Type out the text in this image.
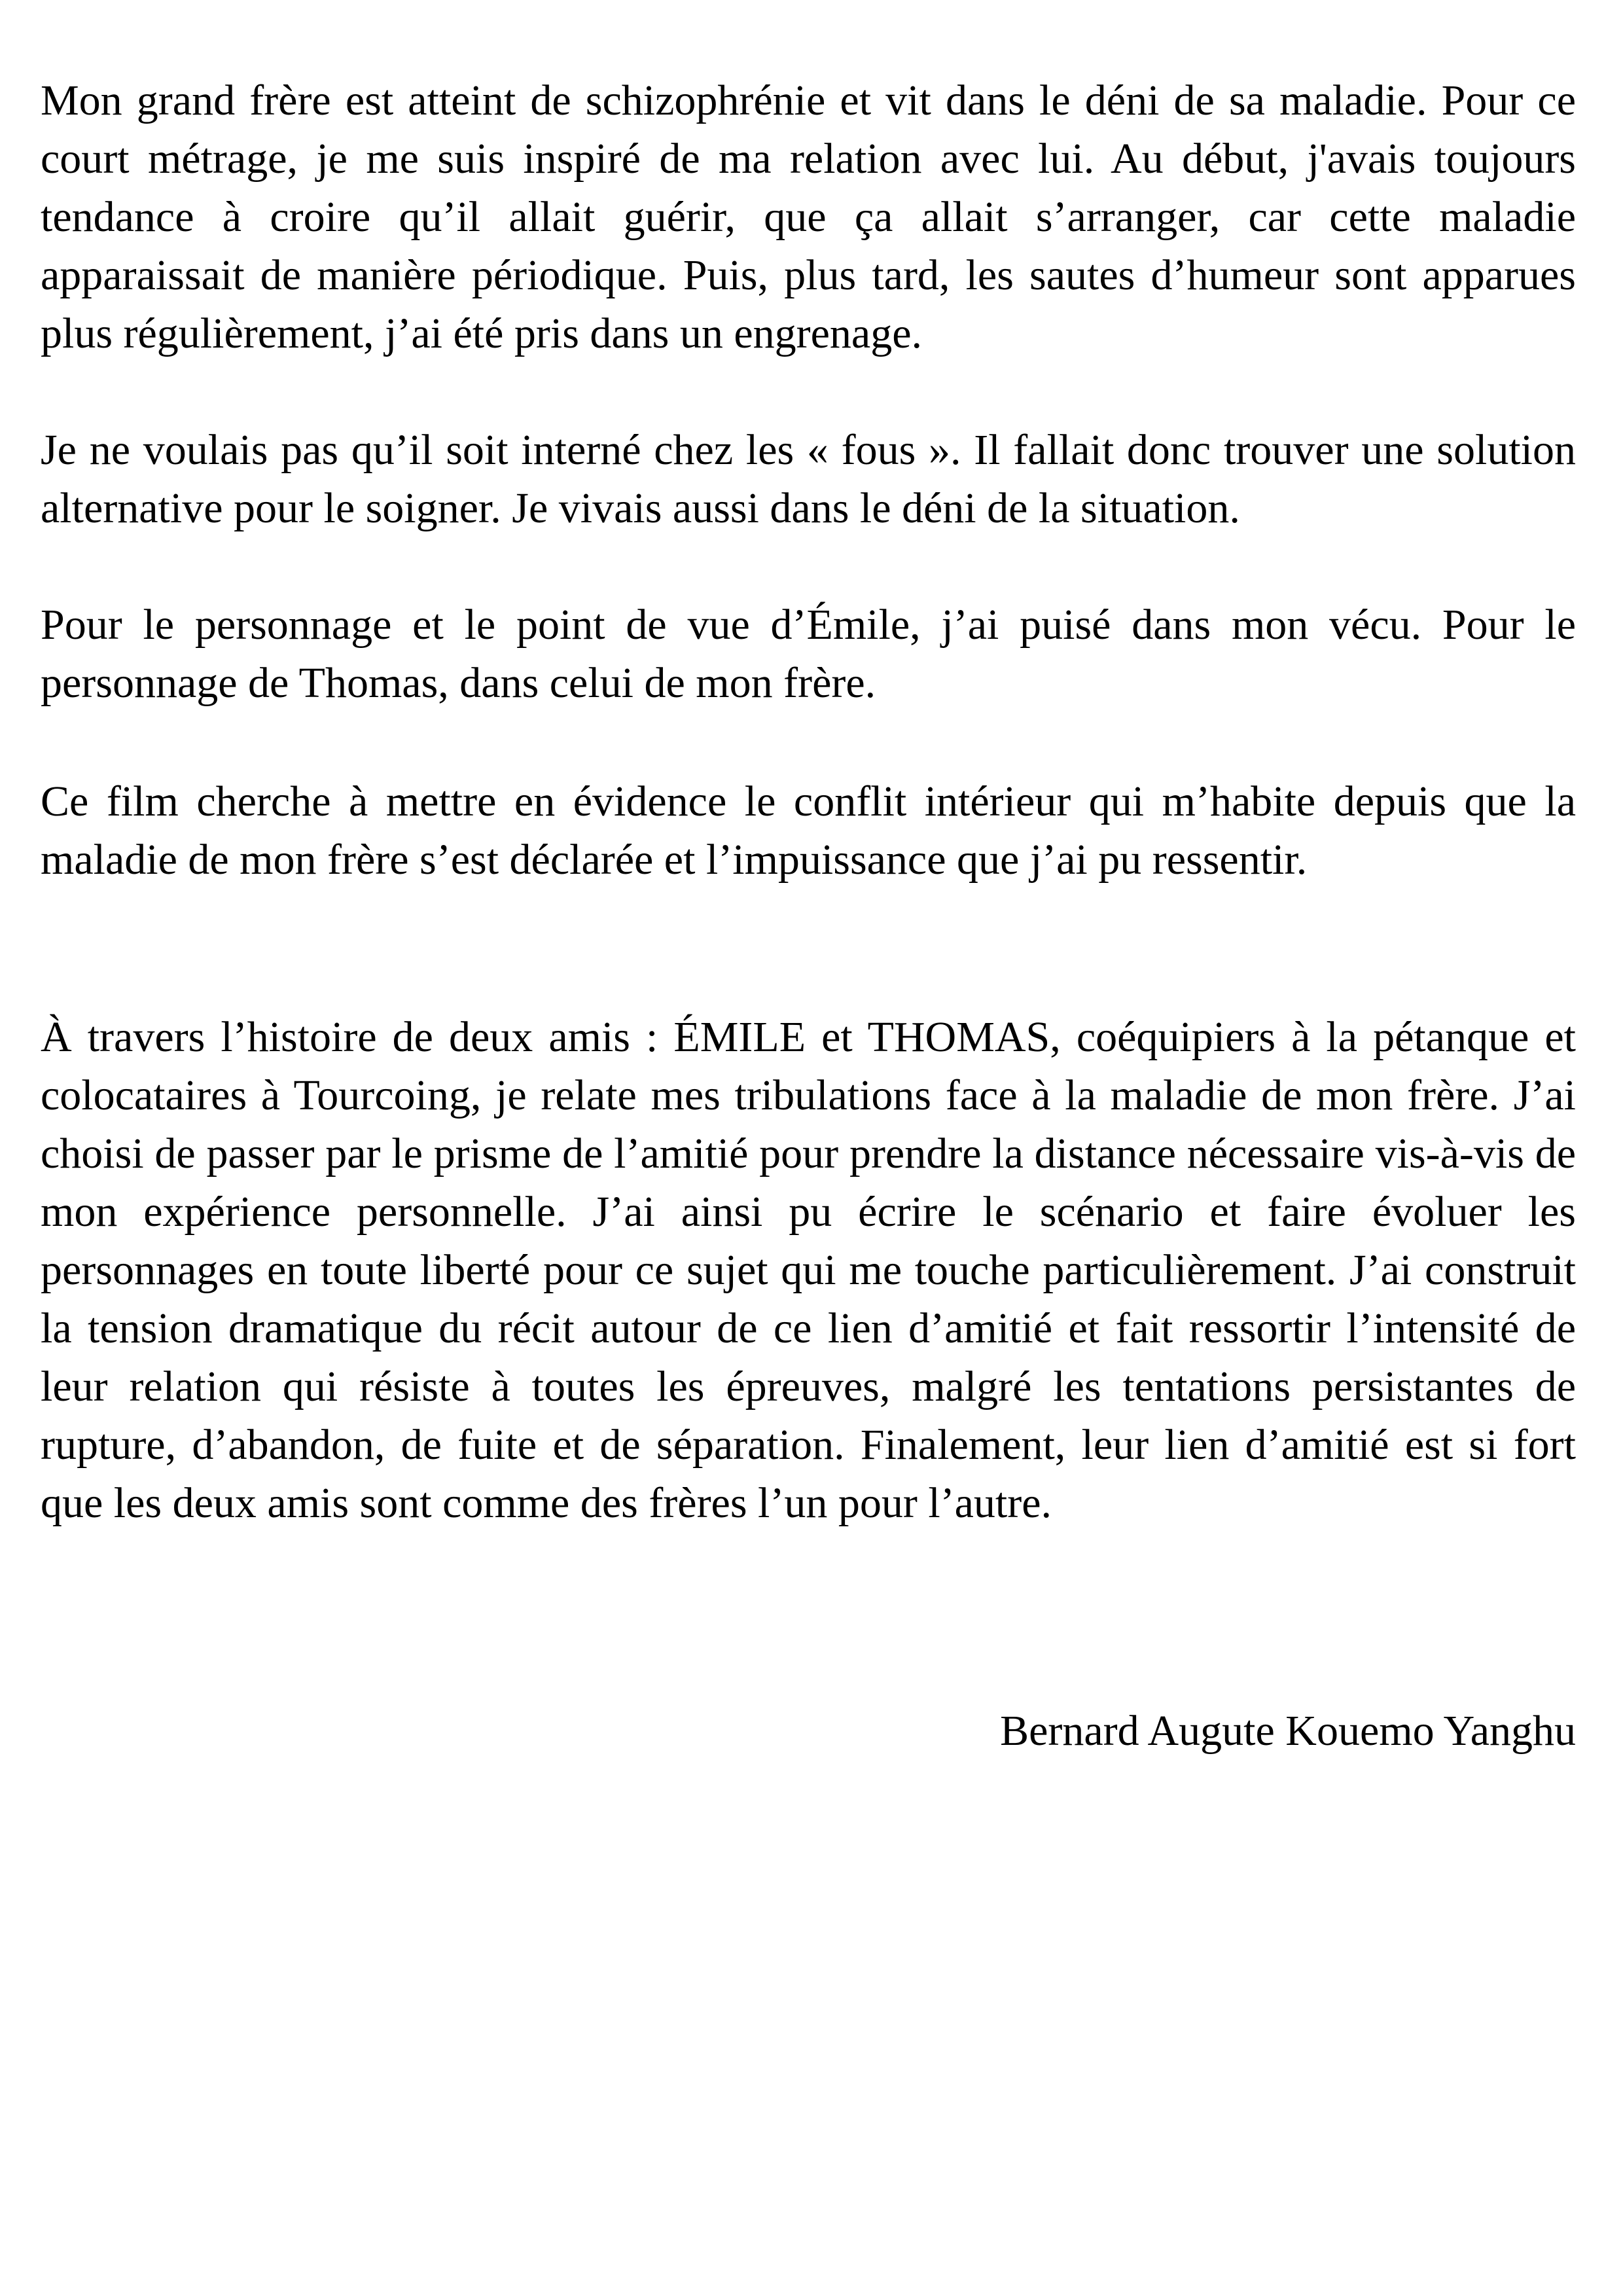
Mon grand frère est atteint de schizophrénie et vit dans le déni de sa maladie. Pour ce court métrage, je me suis inspiré de ma relation avec lui. Au début, j'avais toujours tendance à croire qu’il allait guérir, que ça allait s’arranger, car cette maladie apparaissait de manière périodique. Puis, plus tard, les sautes d’humeur sont apparues plus régulièrement, j’ai été pris dans un engrenage.

Je ne voulais pas qu’il soit interné chez les « fous ». Il fallait donc trouver une solution alternative pour le soigner. Je vivais aussi dans le déni de la situation.

Pour le personnage et le point de vue d’Émile, j’ai puisé dans mon vécu. Pour le personnage de Thomas, dans celui de mon frère.

Ce film cherche à mettre en évidence le conflit intérieur qui m’habite depuis que la maladie de mon frère s’est déclarée et l’impuissance que j’ai pu ressentir.

À travers l’histoire de deux amis : ÉMILE et THOMAS, coéquipiers à la pétanque et colocataires à Tourcoing, je relate mes tribulations face à la maladie de mon frère. J’ai choisi de passer par le prisme de l’amitié pour prendre la distance nécessaire vis-à-vis de mon expérience personnelle. J’ai ainsi pu écrire le scénario et faire évoluer les personnages en toute liberté pour ce sujet qui me touche particulièrement. J’ai construit la tension dramatique du récit autour de ce lien d’amitié et fait ressortir l’intensité de leur relation qui résiste à toutes les épreuves, malgré les tentations persistantes de rupture, d’abandon, de fuite et de séparation. Finalement, leur lien d’amitié est si fort que les deux amis sont comme des frères l’un pour l’autre.

Bernard Augute Kouemo Yanghu
